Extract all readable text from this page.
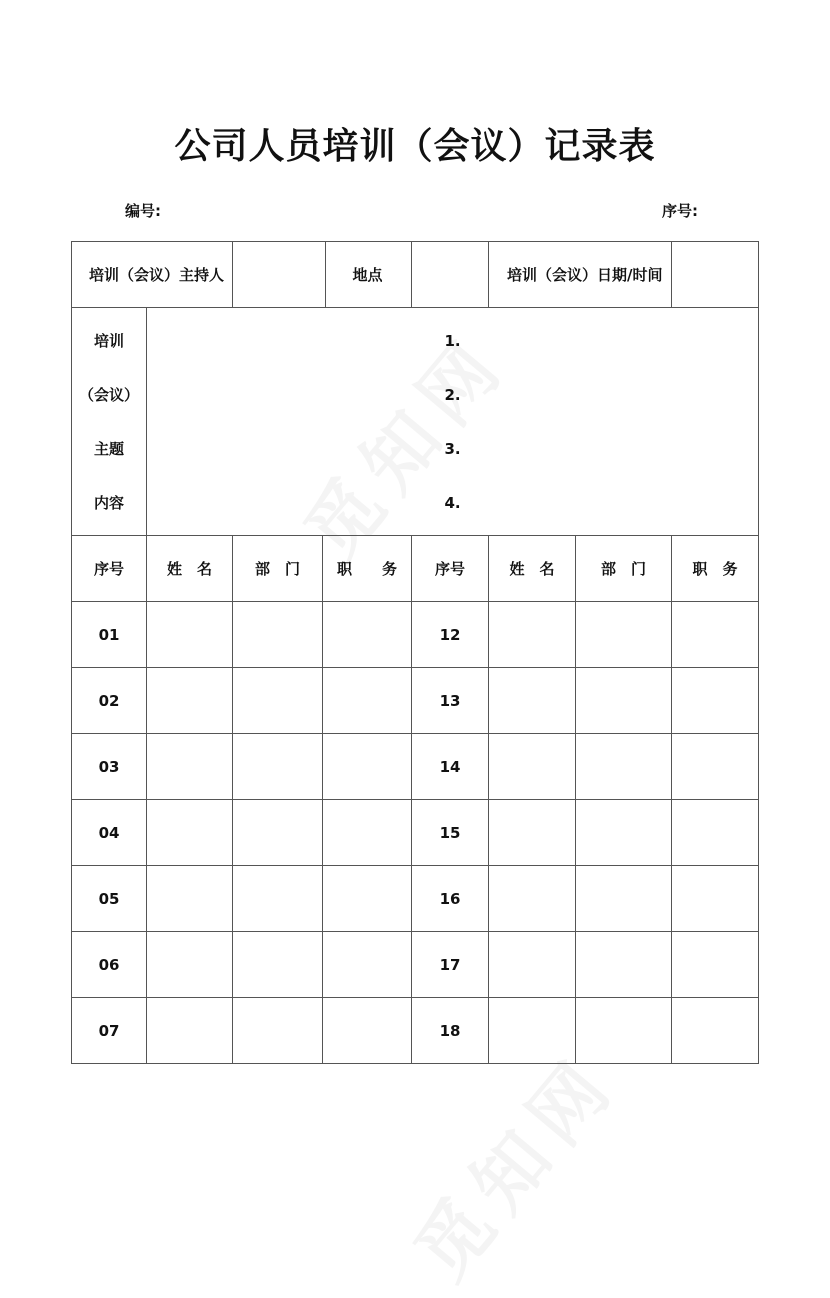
公司人员培训（会议）记录表
编号:	序号:
培训（会议）主持人		地点		培训（会议）日期/时间			

培训
（会议）
主题
内容	1.
2.
3.
4.						

序号	姓　名	部　门	职　　务	序号	姓　名	部　门	职　务
01				12			
02				13			
03				14			
04				15			
05				16			
06				17			
07				18			
